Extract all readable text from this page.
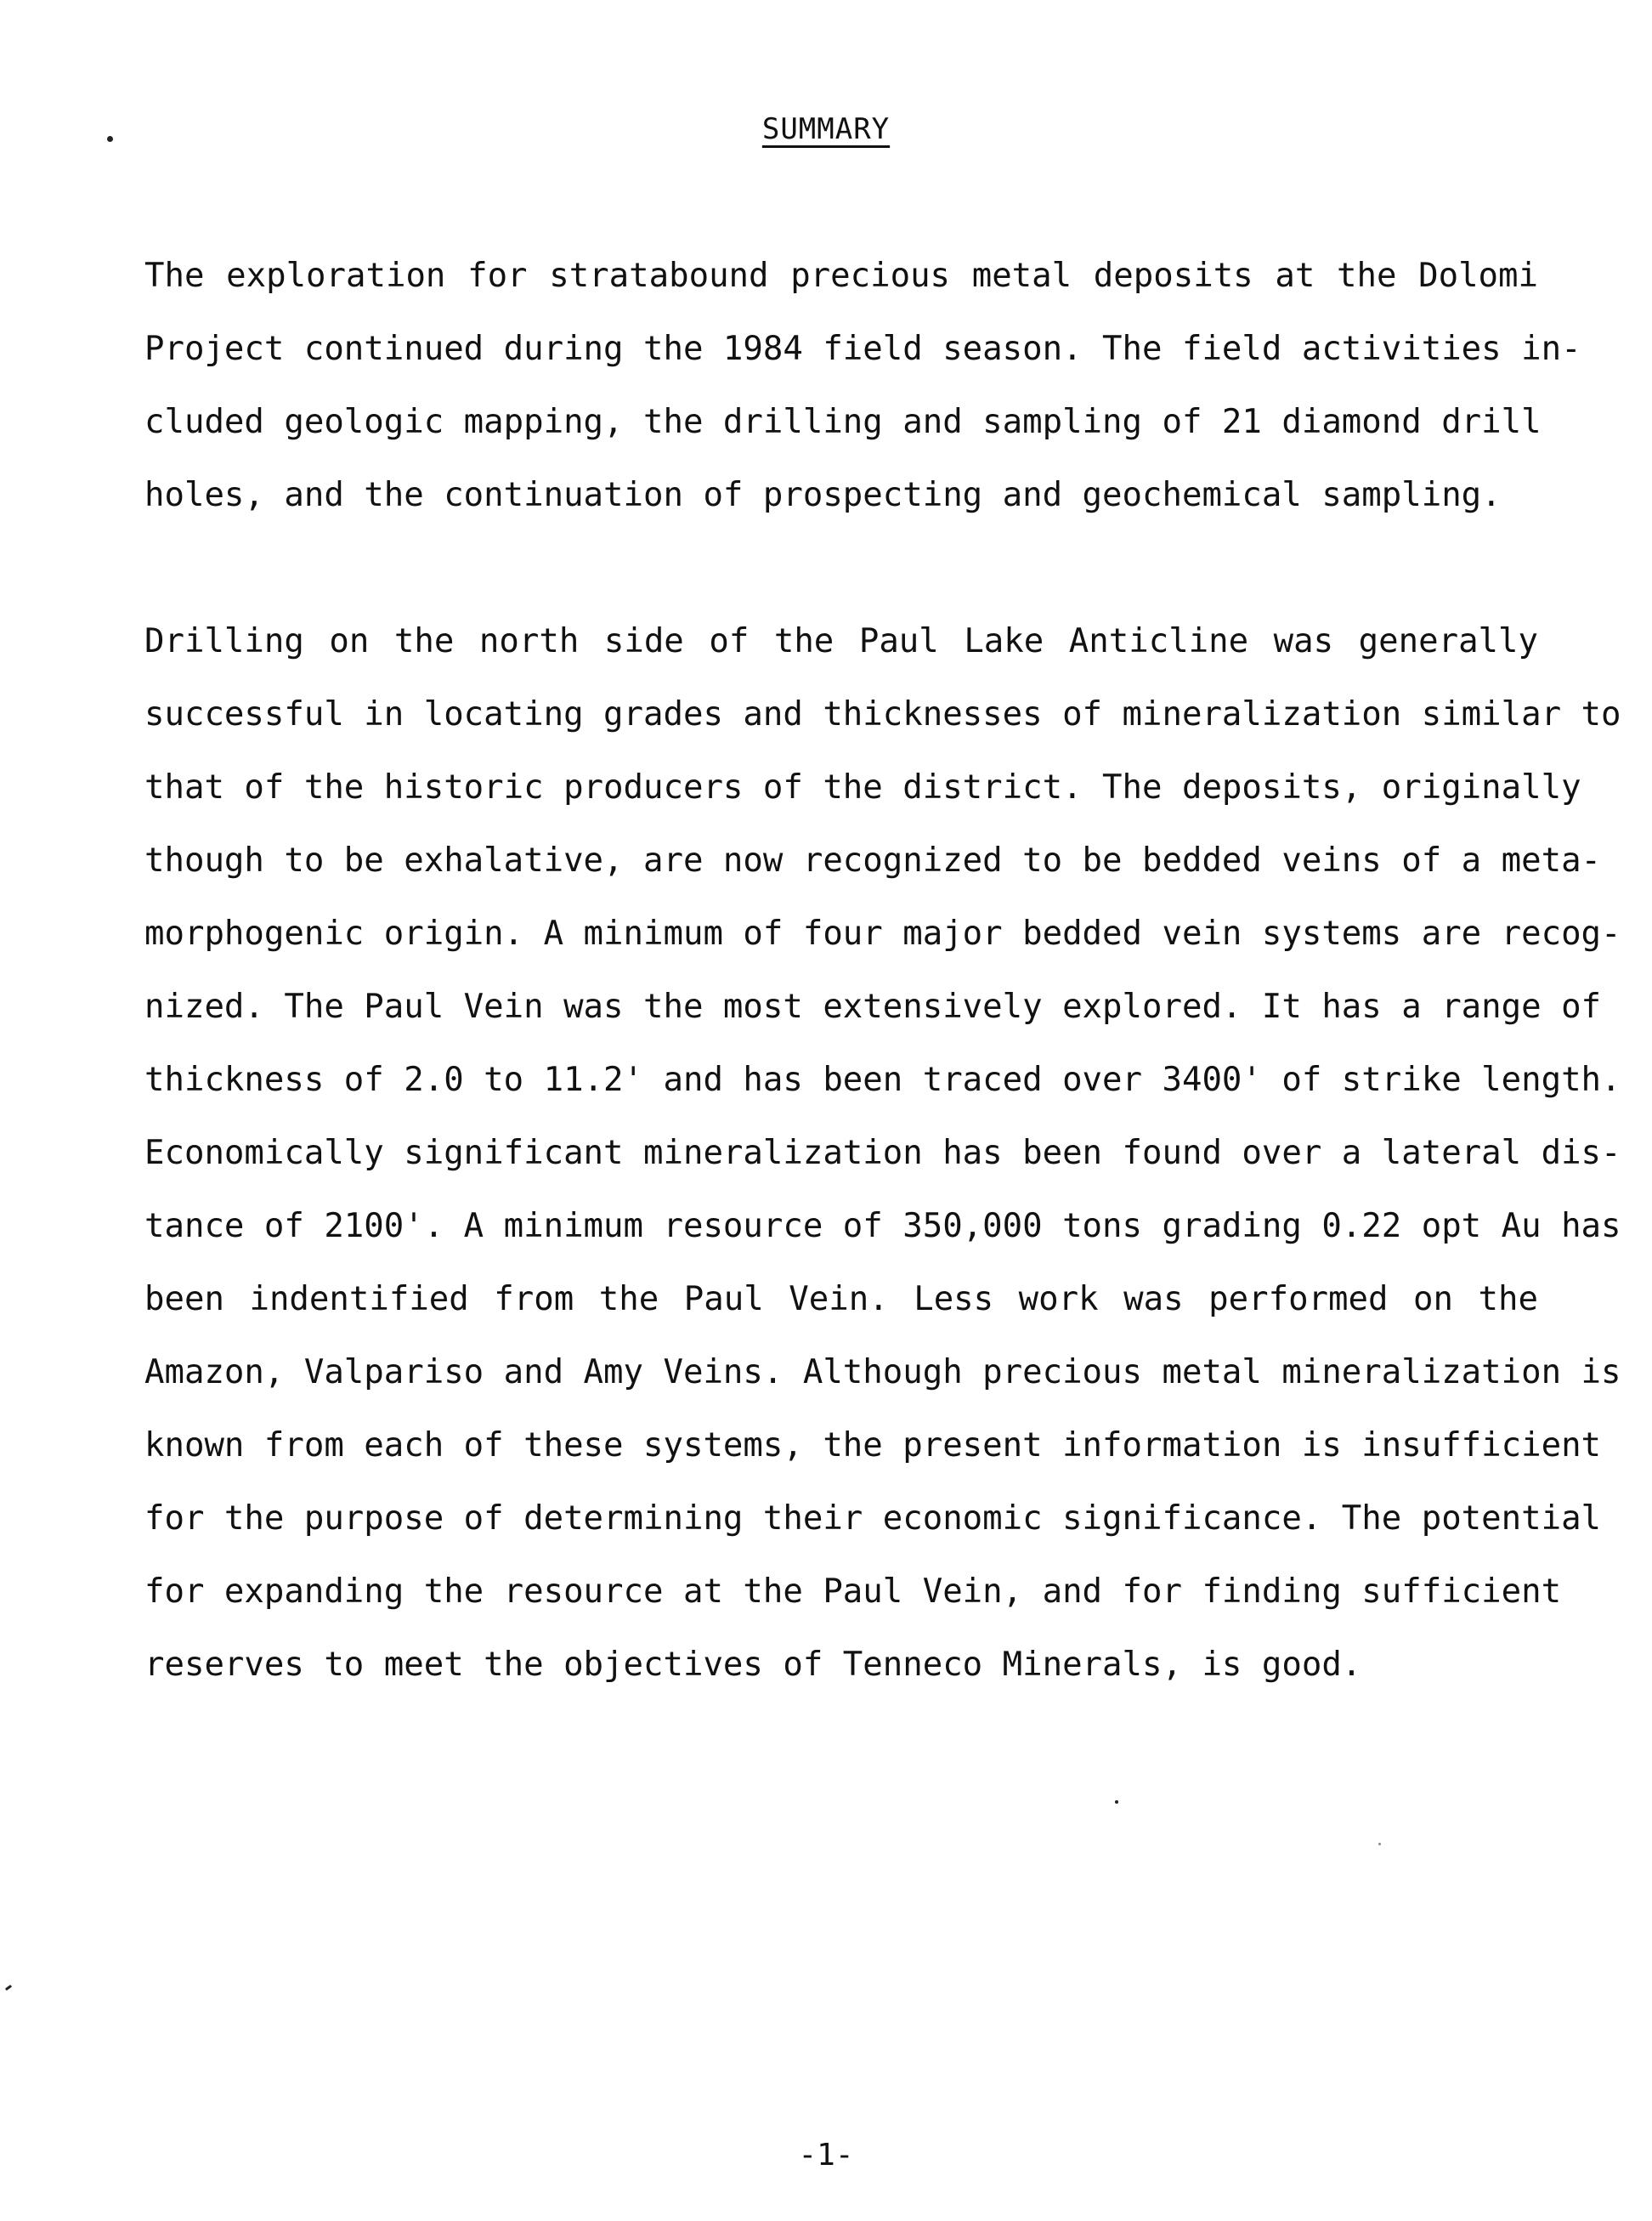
SUMMARY
The exploration for stratabound precious metal deposits at the Dolomi
Project continued during the 1984 field season. The field activities in-
cluded geologic mapping, the drilling and sampling of 21 diamond drill
holes, and the continuation of prospecting and geochemical sampling.
Drilling on the north side of the Paul Lake Anticline was generally
successful in locating grades and thicknesses of mineralization similar to
that of the historic producers of the district. The deposits, originally
though to be exhalative, are now recognized to be bedded veins of a meta-
morphogenic origin. A minimum of four major bedded vein systems are recog-
nized. The Paul Vein was the most extensively explored. It has a range of
thickness of 2.0 to 11.2' and has been traced over 3400' of strike length.
Economically significant mineralization has been found over a lateral dis-
tance of 2100'. A minimum resource of 350,000 tons grading 0.22 opt Au has
been indentified from the Paul Vein. Less work was performed on the
Amazon, Valpariso and Amy Veins. Although precious metal mineralization is
known from each of these systems, the present information is insufficient
for the purpose of determining their economic significance. The potential
for expanding the resource at the Paul Vein, and for finding sufficient
reserves to meet the objectives of Tenneco Minerals, is good.
-1-
